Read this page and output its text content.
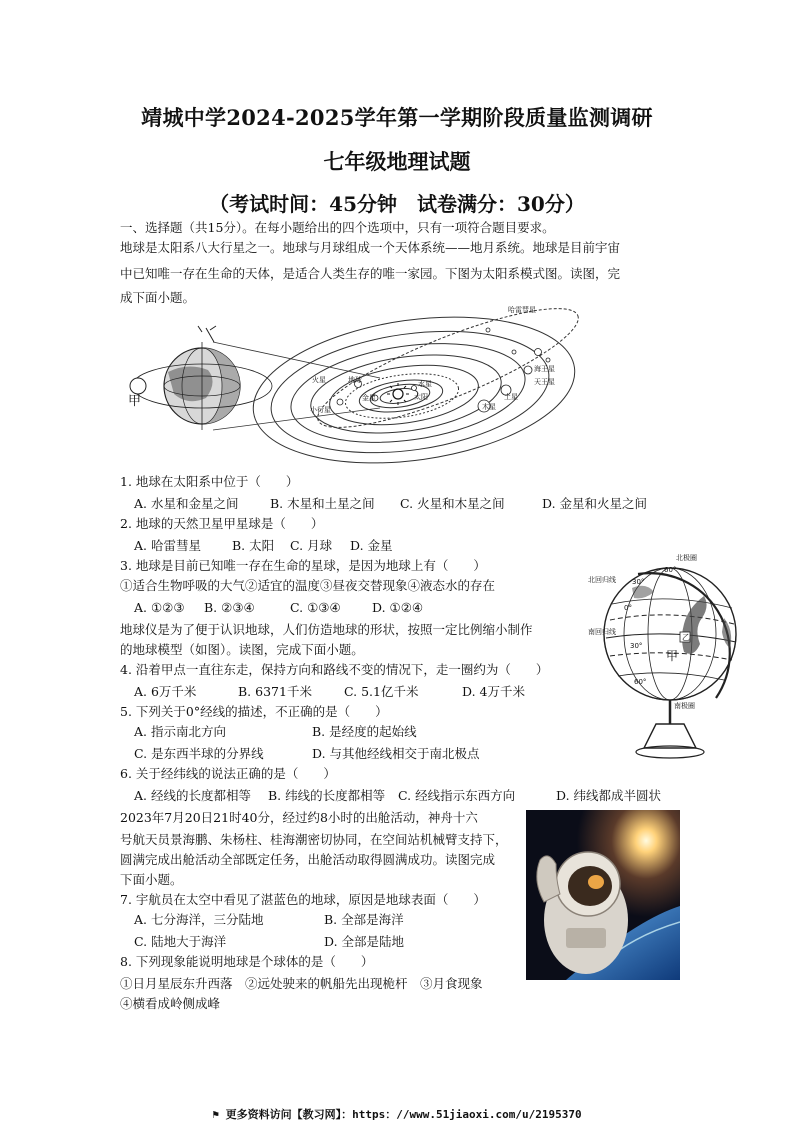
靖城中学2024-2025学年第一学期阶段质量监测调研
七年级地理试题
（考试时间：45分钟　试卷满分：30分）
一、选择题（共15分）。在每小题给出的四个选项中，只有一项符合题目要求。
地球是太阳系八大行星之一。地球与月球组成一个天体系统——地月系统。地球是目前宇宙
中已知唯一存在生命的天体，是适合人类生存的唯一家园。下图为太阳系模式图。读图，完
成下面小题。
甲
哈雷彗星
海王星
天王星
土星
木星
水星
太阳
金星
地球
火星
小行星
1. 地球在太阳系中位于（　　）
A. 水星和金星之间	B. 木星和土星之间 C. 火星和木星之间	D. 金星和火星之间
2. 地球的天然卫星甲星球是（　　）
A. 哈雷彗星 B. 太阳 C. 月球 D. 金星
3. 地球是目前已知唯一存在生命的星球，是因为地球上有（　　）
①适合生物呼吸的大气②适宜的温度③昼夜交替现象④液态水的存在
A. ①②③ B. ②③④	C. ①③④	D. ①②④
北极圈
北回归线
南回归线
南极圈
30°
60°
0°
30°
60°
甲
乙
地球仪是为了便于认识地球，人们仿造地球的形状，按照一定比例缩小制作
的地球模型（如图）。读图，完成下面小题。
4. 沿着甲点一直往东走，保持方向和路线不变的情况下，走一圈约为（　　）
A. 6万千米	B. 6371千米	C. 5.1亿千米	D. 4万千米
5. 下列关于0°经线的描述，不正确的是（　　）
A. 指示南北方向	B. 是经度的起始线
C. 是东西半球的分界线	D. 与其他经线相交于南北极点
6. 关于经纬线的说法正确的是（　　）
A. 经线的长度都相等 B. 纬线的长度都相等 C. 经线指示东西方向	D. 纬线都成半圆状
2023年7月20日21时40分，经过约8小时的出舱活动，神舟十六
号航天员景海鹏、朱杨柱、桂海潮密切协同，在空间站机械臂支持下，
圆满完成出舱活动全部既定任务，出舱活动取得圆满成功。读图完成
下面小题。
7. 宇航员在太空中看见了湛蓝色的地球，原因是地球表面（　　）
A. 七分海洋，三分陆地	B. 全部是海洋
C. 陆地大于海洋	D. 全部是陆地
8. 下列现象能说明地球是个球体的是（　　）
①日月星辰东升西落　②远处驶来的帆船先出现桅杆　③月食现象
④横看成岭侧成峰
⚑ 更多资料访问【教习网】：https：//www.51jiaoxi.com/u/2195370
